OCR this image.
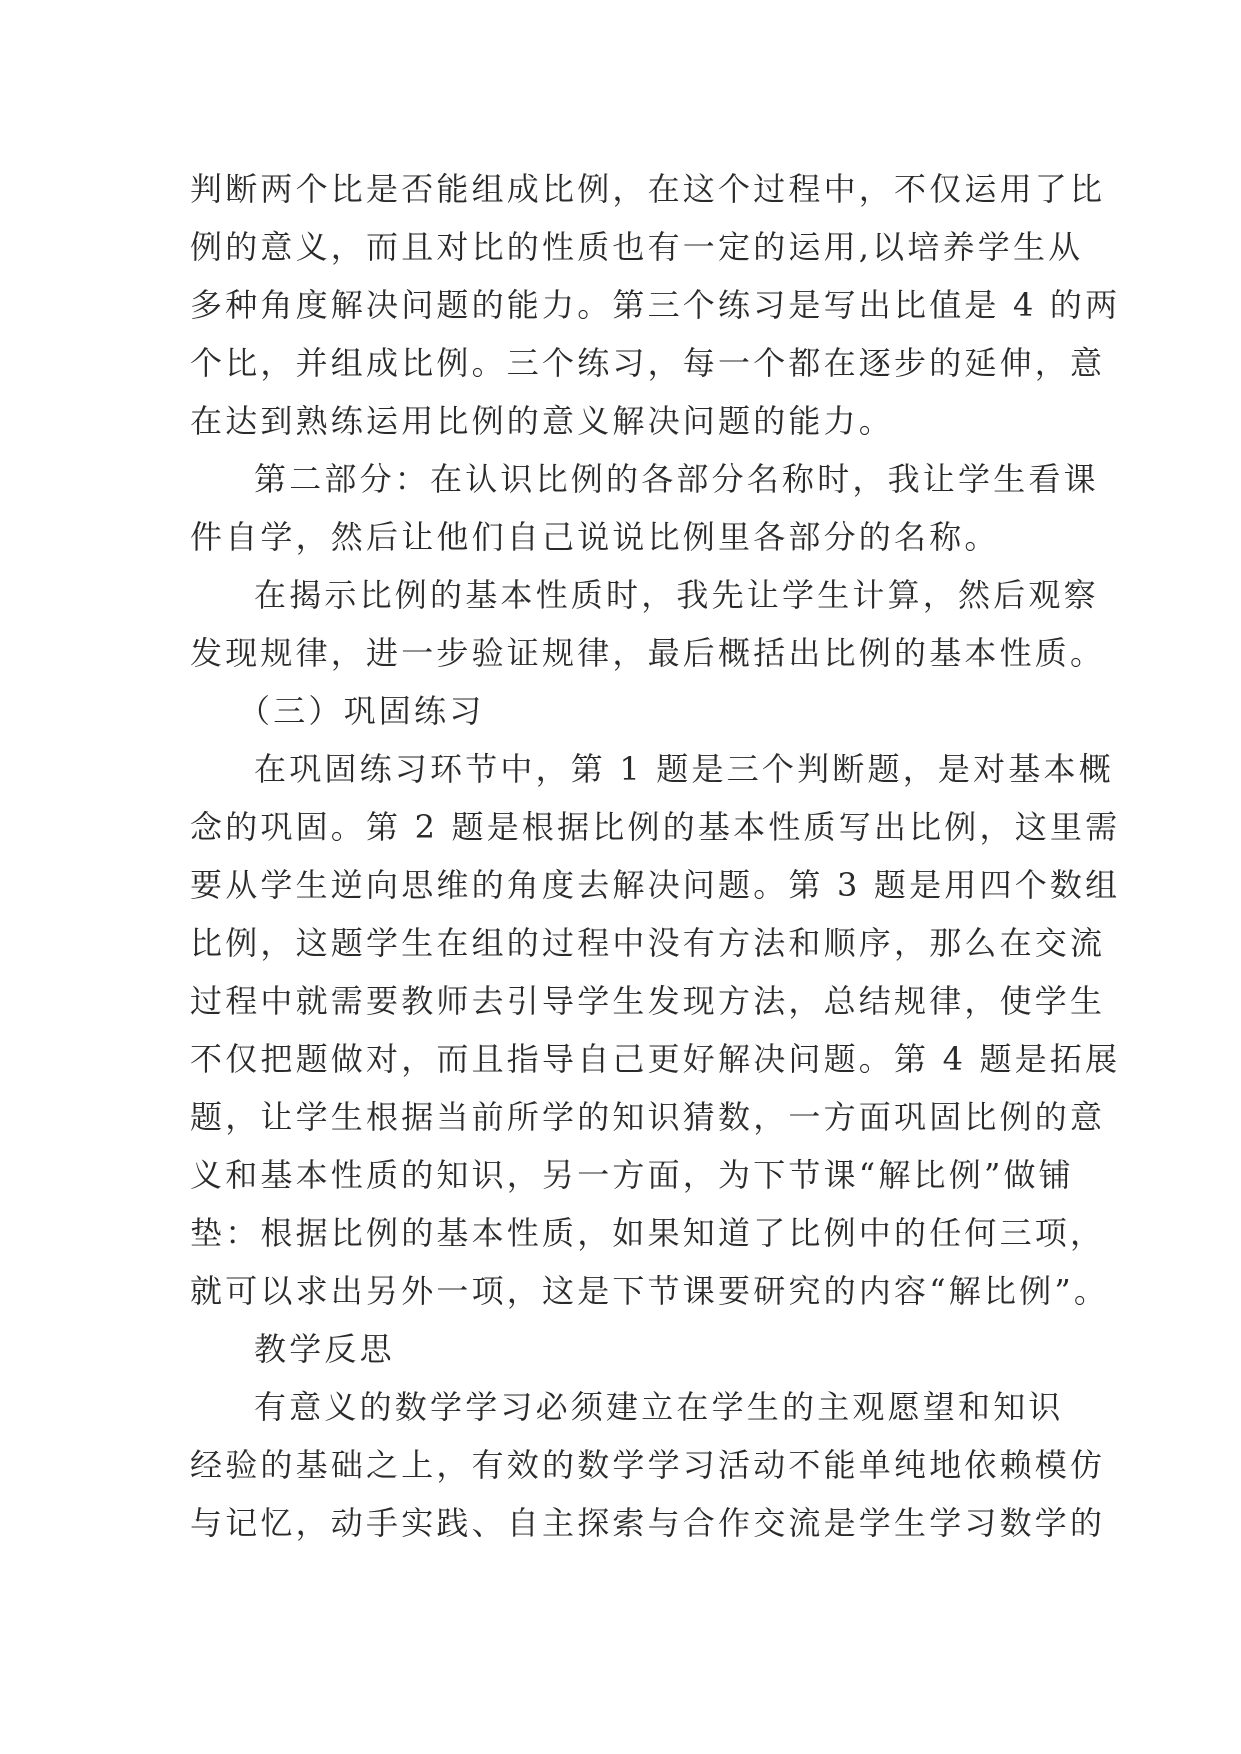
判断两个比是否能组成比例，在这个过程中，不仅运用了比
例的意义，而且对比的性质也有一定的运用,以培养学生从
多种角度解决问题的能力。第三个练习是写出比值是 4 的两
个比，并组成比例。三个练习，每一个都在逐步的延伸，意
在达到熟练运用比例的意义解决问题的能力。
第二部分：在认识比例的各部分名称时，我让学生看课
件自学，然后让他们自己说说比例里各部分的名称。
在揭示比例的基本性质时，我先让学生计算，然后观察
发现规律，进一步验证规律，最后概括出比例的基本性质。
（三）巩固练习
在巩固练习环节中，第 1 题是三个判断题，是对基本概
念的巩固。第 2 题是根据比例的基本性质写出比例，这里需
要从学生逆向思维的角度去解决问题。第 3 题是用四个数组
比例，这题学生在组的过程中没有方法和顺序，那么在交流
过程中就需要教师去引导学生发现方法，总结规律，使学生
不仅把题做对，而且指导自己更好解决问题。第 4 题是拓展
题，让学生根据当前所学的知识猜数，一方面巩固比例的意
义和基本性质的知识，另一方面，为下节课“解比例”做铺
垫：根据比例的基本性质，如果知道了比例中的任何三项，
就可以求出另外一项，这是下节课要研究的内容“解比例”。
教学反思
有意义的数学学习必须建立在学生的主观愿望和知识
经验的基础之上，有效的数学学习活动不能单纯地依赖模仿
与记忆，动手实践、自主探索与合作交流是学生学习数学的
